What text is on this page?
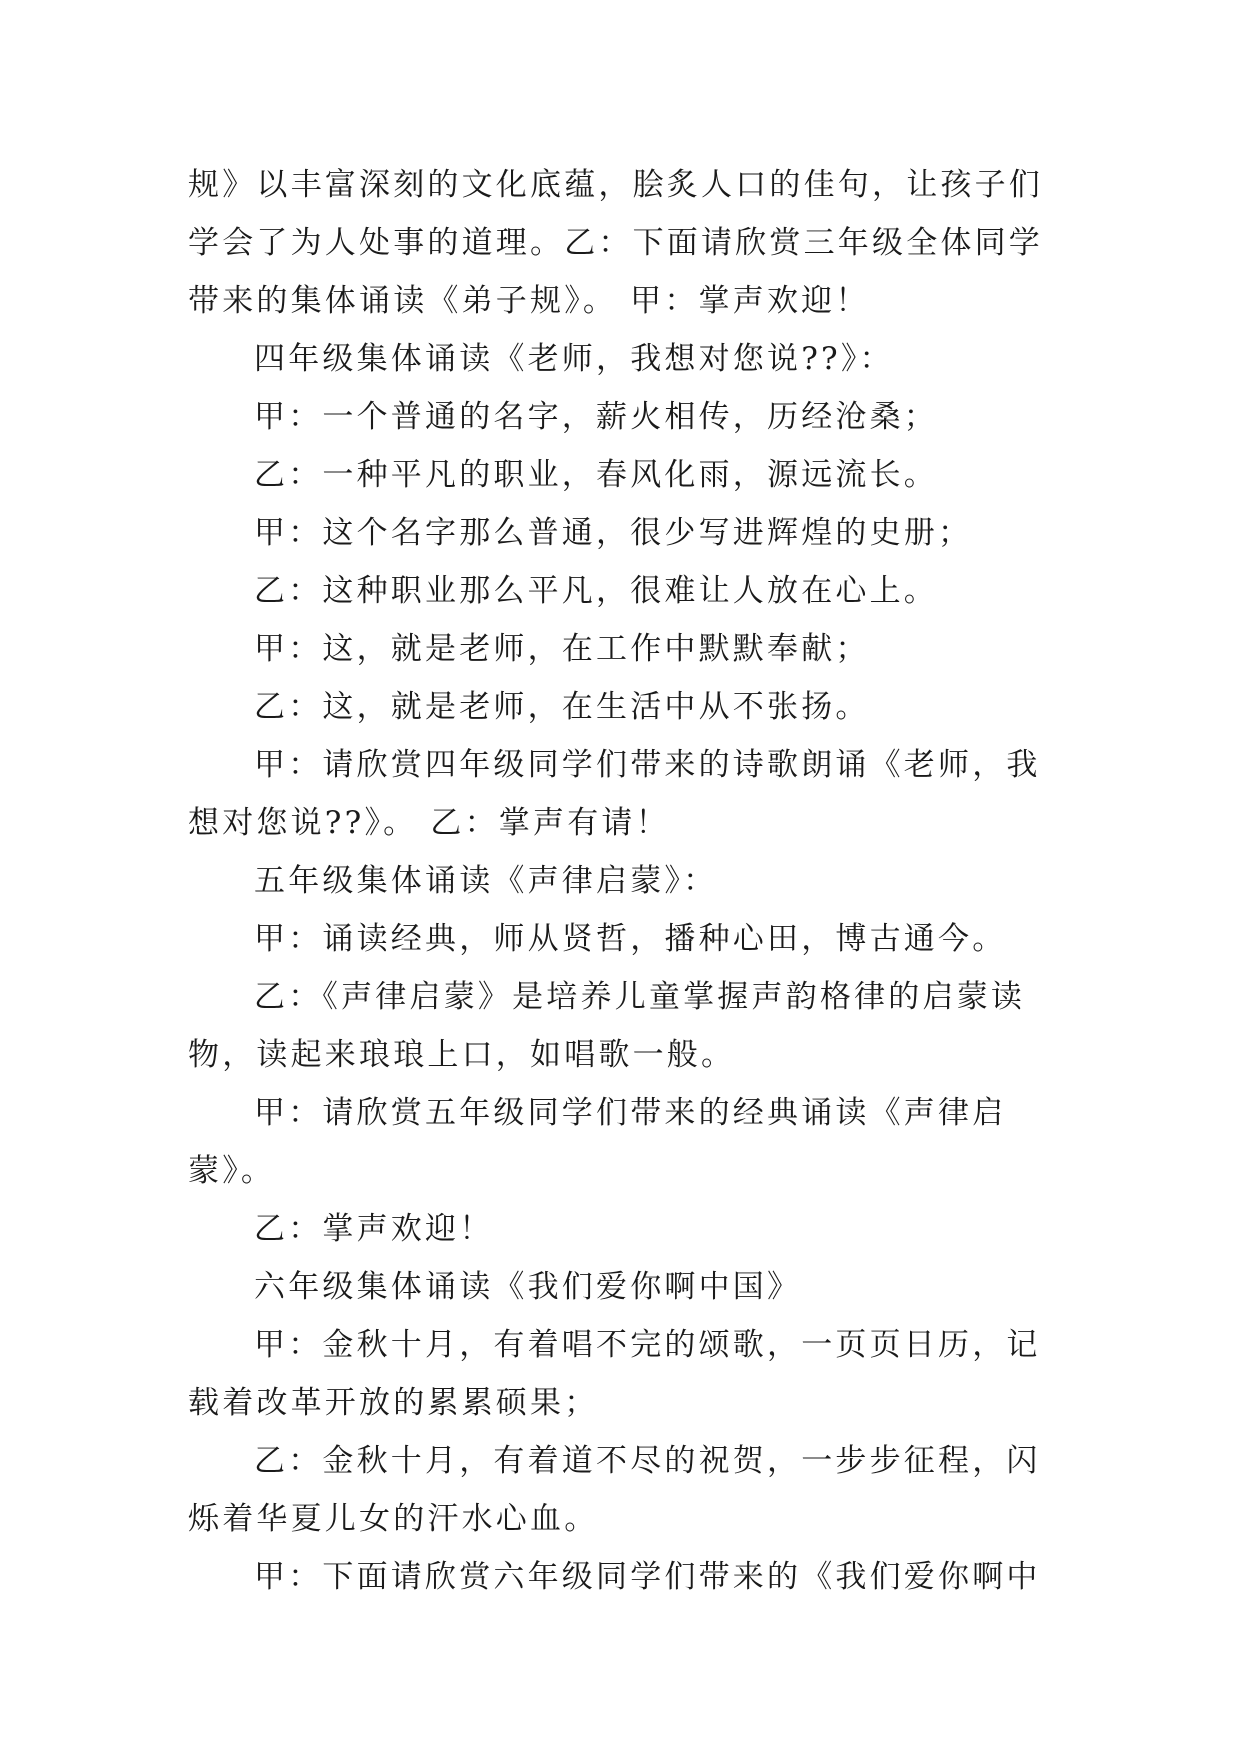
规》以丰富深刻的文化底蕴，脍炙人口的佳句，让孩子们学会了为人处事的道理。乙：下面请欣赏三年级全体同学带来的集体诵读《弟子规》。 甲：掌声欢迎！

四年级集体诵读《老师，我想对您说??》：

甲：一个普通的名字，薪火相传，历经沧桑；

乙：一种平凡的职业，春风化雨，源远流长。

甲：这个名字那么普通，很少写进辉煌的史册；

乙：这种职业那么平凡，很难让人放在心上。

甲：这，就是老师，在工作中默默奉献；

乙：这，就是老师，在生活中从不张扬。

甲：请欣赏四年级同学们带来的诗歌朗诵《老师，我想对您说??》。 乙：掌声有请！

五年级集体诵读《声律启蒙》：

甲：诵读经典，师从贤哲，播种心田，博古通今。

乙：《声律启蒙》是培养儿童掌握声韵格律的启蒙读物，读起来琅琅上口，如唱歌一般。

甲：请欣赏五年级同学们带来的经典诵读《声律启蒙》。

乙：掌声欢迎！

六年级集体诵读《我们爱你啊中国》

甲：金秋十月，有着唱不完的颂歌，一页页日历，记载着改革开放的累累硕果；

乙：金秋十月，有着道不尽的祝贺，一步步征程，闪烁着华夏儿女的汗水心血。

甲：下面请欣赏六年级同学们带来的《我们爱你啊中
